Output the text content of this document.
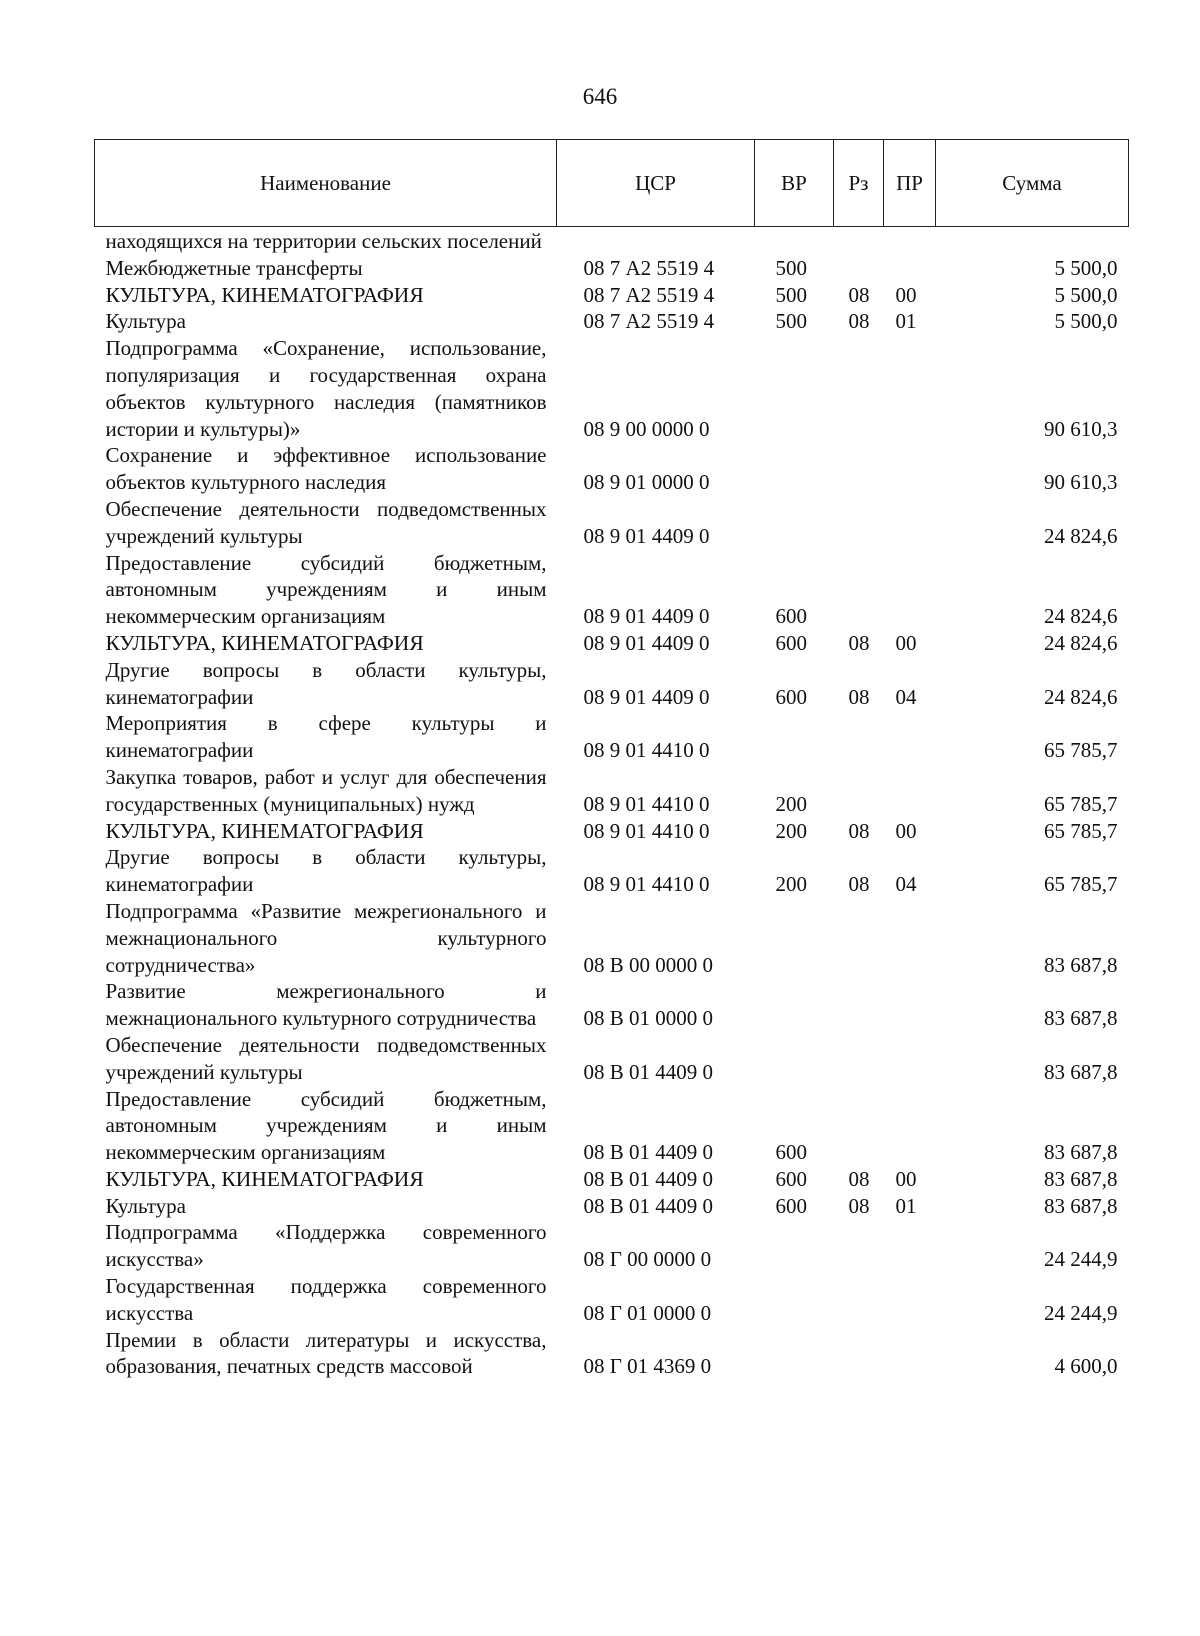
646
Наименование	ЦСР	ВР	Рз	ПР	Сумма
находящихся на территории сельских поселений					
Межбюджетные трансферты	08 7 А2 5519 4	500			5 500,0
КУЛЬТУРА, КИНЕМАТОГРАФИЯ	08 7 А2 5519 4	500	08	00	5 500,0
Культура	08 7 А2 5519 4	500	08	01	5 500,0
Подпрограмма «Сохранение, использование, популяризация и государственная охрана объектов культурного наследия (памятников истории и культуры)»	08 9 00 0000 0				90 610,3
Сохранение и эффективное использование объектов культурного наследия	08 9 01 0000 0				90 610,3
Обеспечение деятельности подведомственных учреждений культуры	08 9 01 4409 0				24 824,6
Предоставление субсидий бюджетным, автономным учреждениям и иным некоммерческим организациям	08 9 01 4409 0	600			24 824,6
КУЛЬТУРА, КИНЕМАТОГРАФИЯ	08 9 01 4409 0	600	08	00	24 824,6
Другие вопросы в области культуры, кинематографии	08 9 01 4409 0	600	08	04	24 824,6
Мероприятия в сфере культуры и кинематографии	08 9 01 4410 0				65 785,7
Закупка товаров, работ и услуг для обеспечения государственных (муниципальных) нужд	08 9 01 4410 0	200			65 785,7
КУЛЬТУРА, КИНЕМАТОГРАФИЯ	08 9 01 4410 0	200	08	00	65 785,7
Другие вопросы в области культуры, кинематографии	08 9 01 4410 0	200	08	04	65 785,7
Подпрограмма «Развитие межрегионального и межнационального культурного сотрудничества»	08 В 00 0000 0				83 687,8
Развитие межрегионального и межнационального культурного сотрудничества	08 В 01 0000 0				83 687,8
Обеспечение деятельности подведомственных учреждений культуры	08 В 01 4409 0				83 687,8
Предоставление субсидий бюджетным, автономным учреждениям и иным некоммерческим организациям	08 В 01 4409 0	600			83 687,8
КУЛЬТУРА, КИНЕМАТОГРАФИЯ	08 В 01 4409 0	600	08	00	83 687,8
Культура	08 В 01 4409 0	600	08	01	83 687,8
Подпрограмма «Поддержка современного искусства»	08 Г 00 0000 0				24 244,9
Государственная поддержка современного искусства	08 Г 01 0000 0				24 244,9
Премии в области литературы и искусства, образования, печатных средств массовой	08 Г 01 4369 0				4 600,0
